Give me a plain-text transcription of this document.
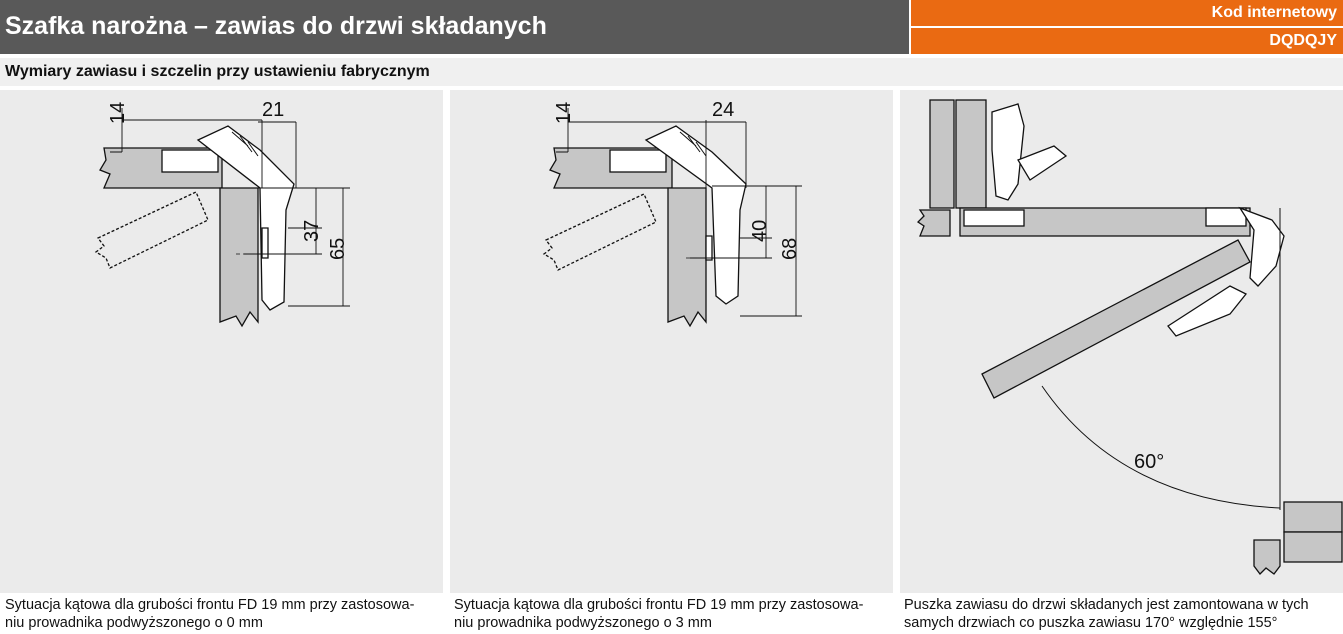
Szafka narożna – zawias do drzwi składanych	Kod internetowy
DQDQJY
Wymiary zawiasu i szczelin przy ustawieniu fabrycznym
14	21
37
65
14	24
40
68
60°
Sytuacja kątowa dla grubości frontu FD 19 mm przy zastosowa-
niu prowadnika podwyższonego o 0 mm
Sytuacja kątowa dla grubości frontu FD 19 mm przy zastosowa-
niu prowadnika podwyższonego o 3 mm
Puszka zawiasu do drzwi składanych jest zamontowana w tych
samych drzwiach co puszka zawiasu 170° względnie 155°
